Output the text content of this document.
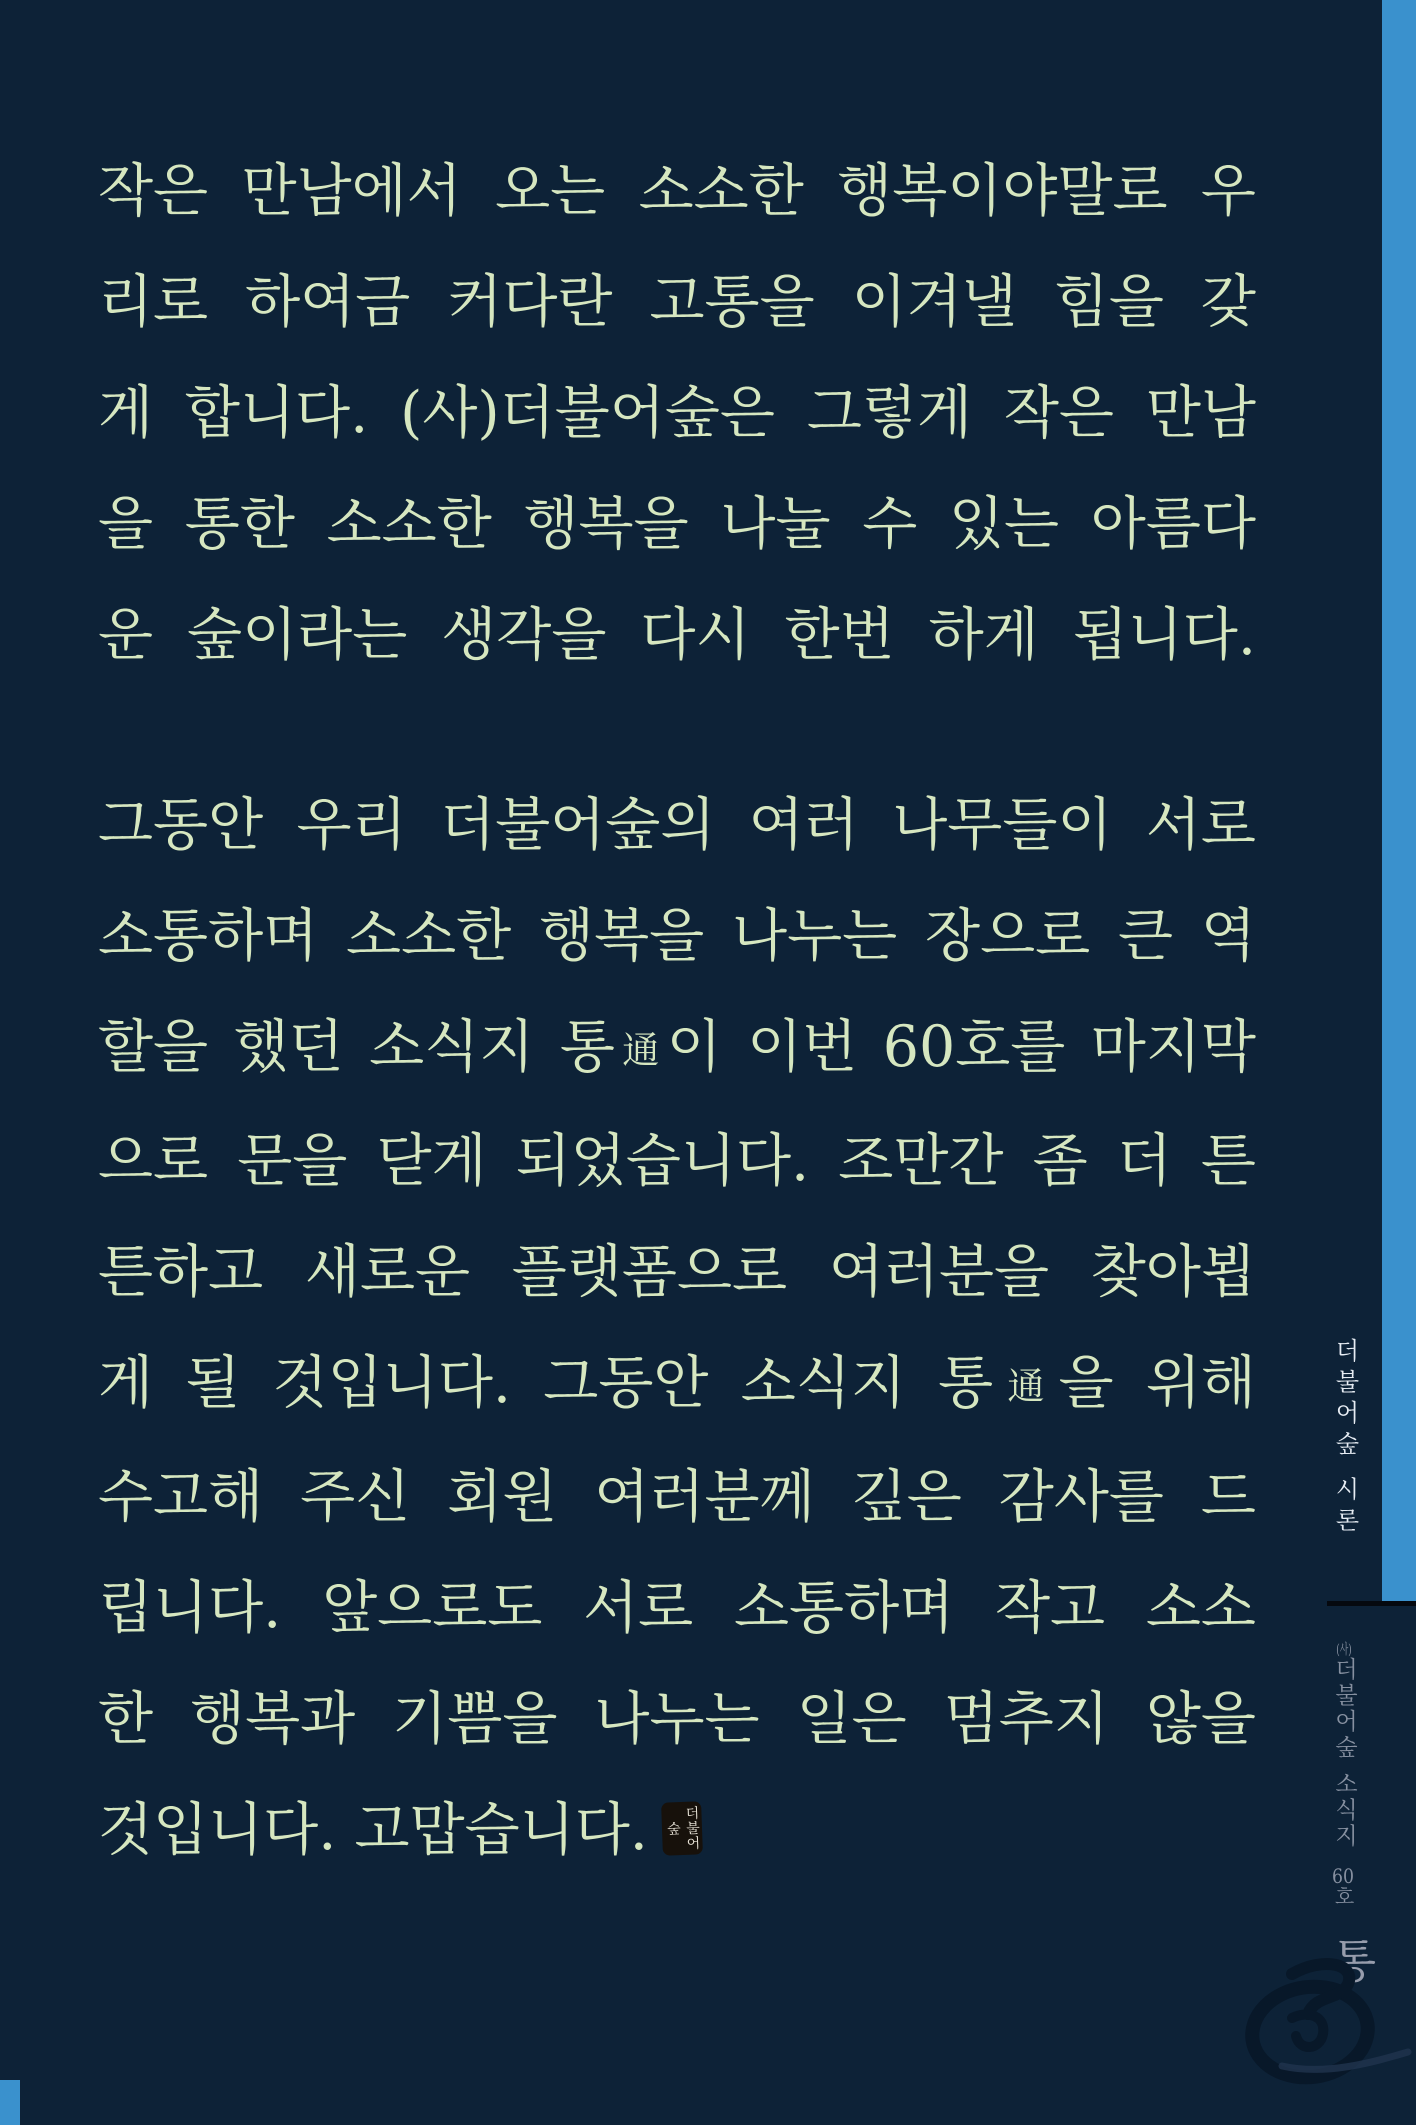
작은 만남에서 오는 소소한 행복이야말로 우
리로 하여금 커다란 고통을 이겨낼 힘을 갖
게 합니다. (사)더불어숲은 그렇게 작은 만남
을 통한 소소한 행복을 나눌 수 있는 아름다
운 숲이라는 생각을 다시 한번 하게 됩니다.
그동안 우리 더불어숲의 여러 나무들이 서로
소통하며 소소한 행복을 나누는 장으로 큰 역
할을 했던 소식지 통通이 이번 60호를 마지막
으로 문을 닫게 되었습니다. 조만간 좀 더 튼
튼하고 새로운 플랫폼으로 여러분을 찾아뵙
게 될 것입니다. 그동안 소식지 통通을 위해
수고해 주신 회원 여러분께 깊은 감사를 드
립니다. 앞으로도 서로 소통하며 작고 소소
한 행복과 기쁨을 나누는 일은 멈추지 않을
것입니다. 고맙습니다.	더불어숲
더불어숲 시론
(사)더불어숲 소식지
60호
통
